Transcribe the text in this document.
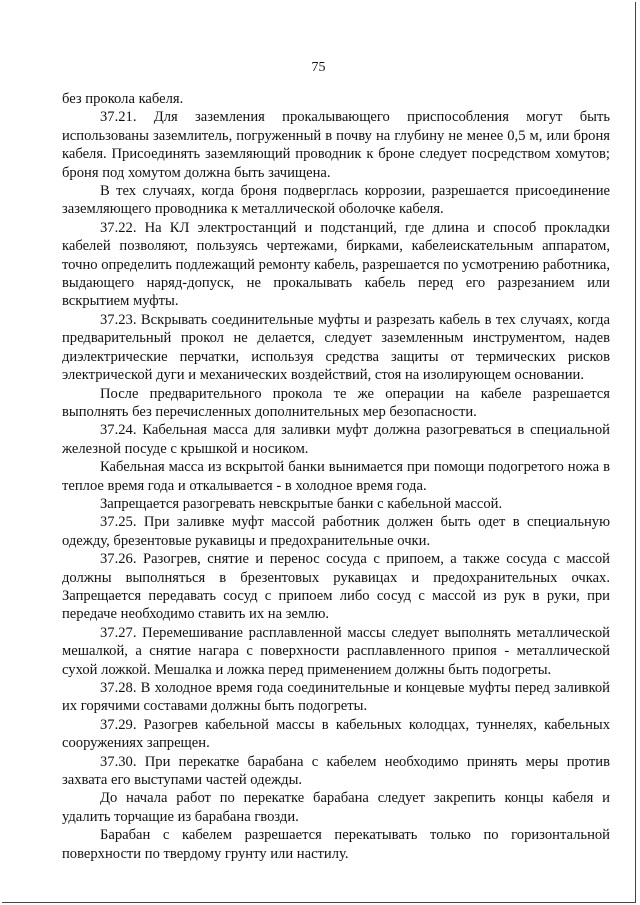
75

без прокола кабеля.

37.21. Для заземления прокалывающего приспособления могут быть использованы заземлитель, погруженный в почву на глубину не менее 0,5 м, или броня кабеля. Присоединять заземляющий проводник к броне следует посредством хомутов; броня под хомутом должна быть зачищена.

В тех случаях, когда броня подверглась коррозии, разрешается присоединение заземляющего проводника к металлической оболочке кабеля.

37.22. На КЛ электростанций и подстанций, где длина и способ прокладки кабелей позволяют, пользуясь чертежами, бирками, кабелеискательным аппаратом, точно определить подлежащий ремонту кабель, разрешается по усмотрению работника, выдающего наряд-допуск, не прокалывать кабель перед его разрезанием или вскрытием муфты.

37.23. Вскрывать соединительные муфты и разрезать кабель в тех случаях, когда предварительный прокол не делается, следует заземленным инструментом, надев диэлектрические перчатки, используя средства защиты от термических рисков электрической дуги и механических воздействий, стоя на изолирующем основании.

После предварительного прокола те же операции на кабеле разрешается выполнять без перечисленных дополнительных мер безопасности.

37.24. Кабельная масса для заливки муфт должна разогреваться в специальной железной посуде с крышкой и носиком.

Кабельная масса из вскрытой банки вынимается при помощи подогретого ножа в теплое время года и откалывается - в холодное время года.

Запрещается разогревать невскрытые банки с кабельной массой.

37.25. При заливке муфт массой работник должен быть одет в специальную одежду, брезентовые рукавицы и предохранительные очки.

37.26. Разогрев, снятие и перенос сосуда с припоем, а также сосуда с массой должны выполняться в брезентовых рукавицах и предохранительных очках. Запрещается передавать сосуд с припоем либо сосуд с массой из рук в руки, при передаче необходимо ставить их на землю.

37.27. Перемешивание расплавленной массы следует выполнять металлической мешалкой, а снятие нагара с поверхности расплавленного припоя - металлической сухой ложкой. Мешалка и ложка перед применением должны быть подогреты.

37.28. В холодное время года соединительные и концевые муфты перед заливкой их горячими составами должны быть подогреты.

37.29. Разогрев кабельной массы в кабельных колодцах, туннелях, кабельных сооружениях запрещен.

37.30. При перекатке барабана с кабелем необходимо принять меры против захвата его выступами частей одежды.

До начала работ по перекатке барабана следует закрепить концы кабеля и удалить торчащие из барабана гвозди.

Барабан с кабелем разрешается перекатывать только по горизонтальной поверхности по твердому грунту или настилу.
